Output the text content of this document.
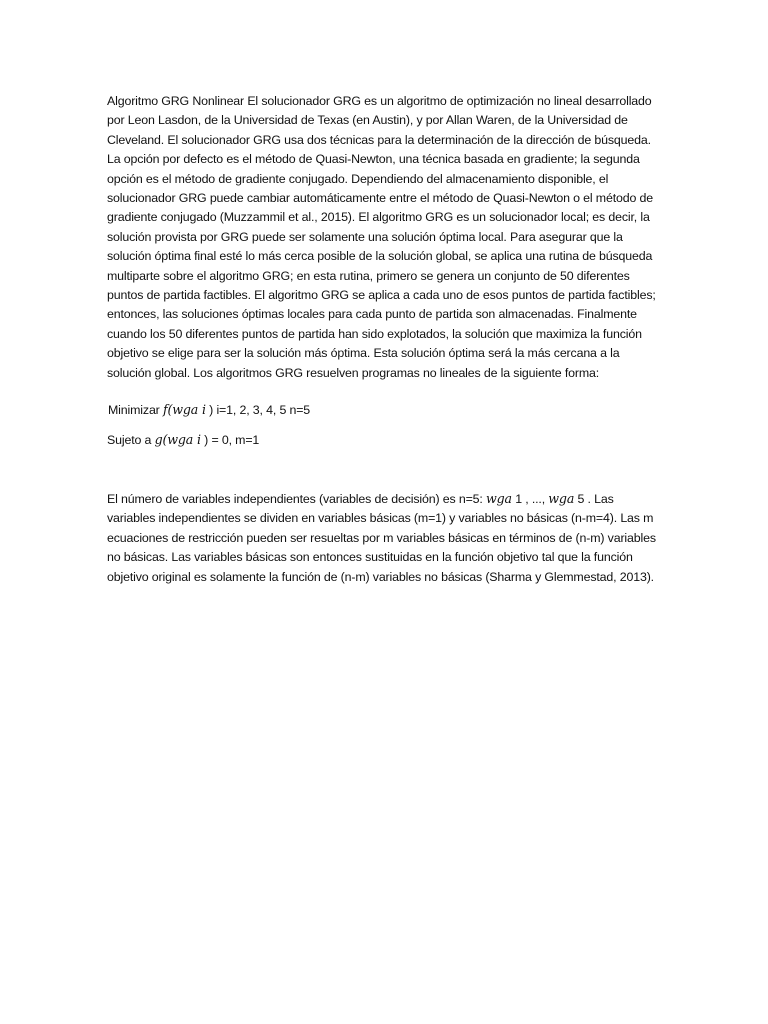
Algoritmo GRG Nonlinear El solucionador GRG es un algoritmo de optimización no lineal desarrollado por Leon Lasdon, de la Universidad de Texas (en Austin), y por Allan Waren, de la Universidad de Cleveland. El solucionador GRG usa dos técnicas para la determinación de la dirección de búsqueda. La opción por defecto es el método de Quasi-Newton, una técnica basada en gradiente; la segunda opción es el método de gradiente conjugado. Dependiendo del almacenamiento disponible, el solucionador GRG puede cambiar automáticamente entre el método de Quasi-Newton o el método de gradiente conjugado (Muzzammil et al., 2015). El algoritmo GRG es un solucionador local; es decir, la solución provista por GRG puede ser solamente una solución óptima local. Para asegurar que la solución óptima final esté lo más cerca posible de la solución global, se aplica una rutina de búsqueda multiparte sobre el algoritmo GRG; en esta rutina, primero se genera un conjunto de 50 diferentes puntos de partida factibles. El algoritmo GRG se aplica a cada uno de esos puntos de partida factibles; entonces, las soluciones óptimas locales para cada punto de partida son almacenadas. Finalmente cuando los 50 diferentes puntos de partida han sido explotados, la solución que maximiza la función objetivo se elige para ser la solución más óptima. Esta solución óptima será la más cercana a la solución global. Los algoritmos GRG resuelven programas no lineales de la siguiente forma:

Minimizar f(wga i ) i=1, 2, 3, 4, 5 n=5

Sujeto a g(wga i ) = 0, m=1

El número de variables independientes (variables de decisión) es n=5: wga 1 , ..., wga 5 . Las variables independientes se dividen en variables básicas (m=1) y variables no básicas (n-m=4). Las m ecuaciones de restricción pueden ser resueltas por m variables básicas en términos de (n-m) variables no básicas. Las variables básicas son entonces sustituidas en la función objetivo tal que la función objetivo original es solamente la función de (n-m) variables no básicas (Sharma y Glemmestad, 2013).
